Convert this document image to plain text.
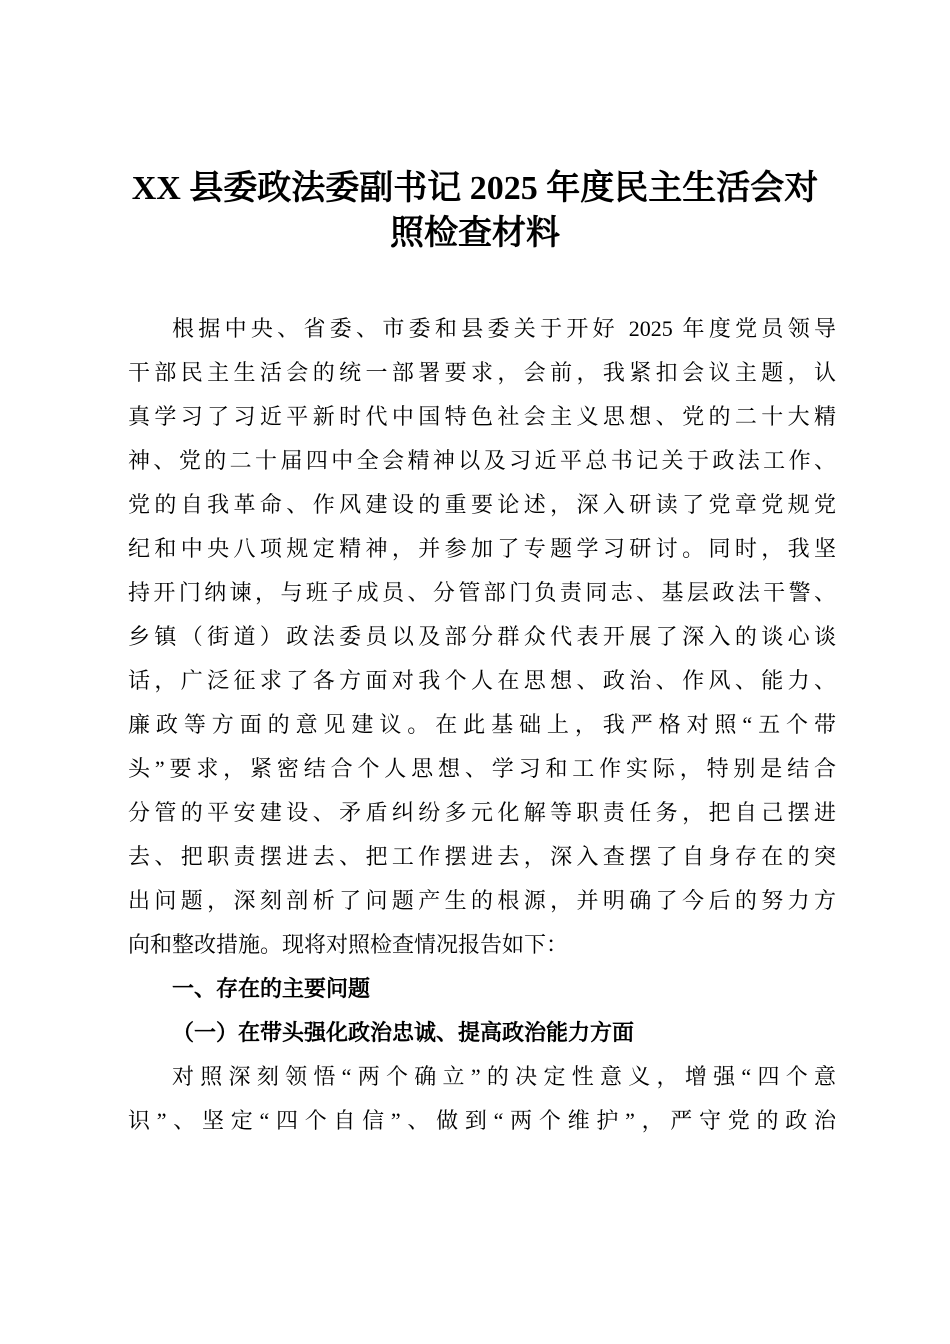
XX 县委政法委副书记 2025 年度民主生活会对
照检查材料
根据中央、省委、市委和县委关于开好 2025 年度党员领导
干部民主生活会的统一部署要求，会前，我紧扣会议主题，认
真学习了习近平新时代中国特色社会主义思想、党的二十大精
神、党的二十届四中全会精神以及习近平总书记关于政法工作、
党的自我革命、作风建设的重要论述，深入研读了党章党规党
纪和中央八项规定精神，并参加了专题学习研讨。同时，我坚
持开门纳谏，与班子成员、分管部门负责同志、基层政法干警、
乡镇（街道）政法委员以及部分群众代表开展了深入的谈心谈
话，广泛征求了各方面对我个人在思想、政治、作风、能力、
廉政等方面的意见建议。在此基础上，我严格对照“五个带
头”要求，紧密结合个人思想、学习和工作实际，特别是结合
分管的平安建设、矛盾纠纷多元化解等职责任务，把自己摆进
去、把职责摆进去、把工作摆进去，深入查摆了自身存在的突
出问题，深刻剖析了问题产生的根源，并明确了今后的努力方
向和整改措施。现将对照检查情况报告如下：
一、存在的主要问题
（一）在带头强化政治忠诚、提高政治能力方面
对照深刻领悟“两个确立”的决定性意义，增强“四个意
识”、坚定“四个自信”、做到“两个维护”，严守党的政治
